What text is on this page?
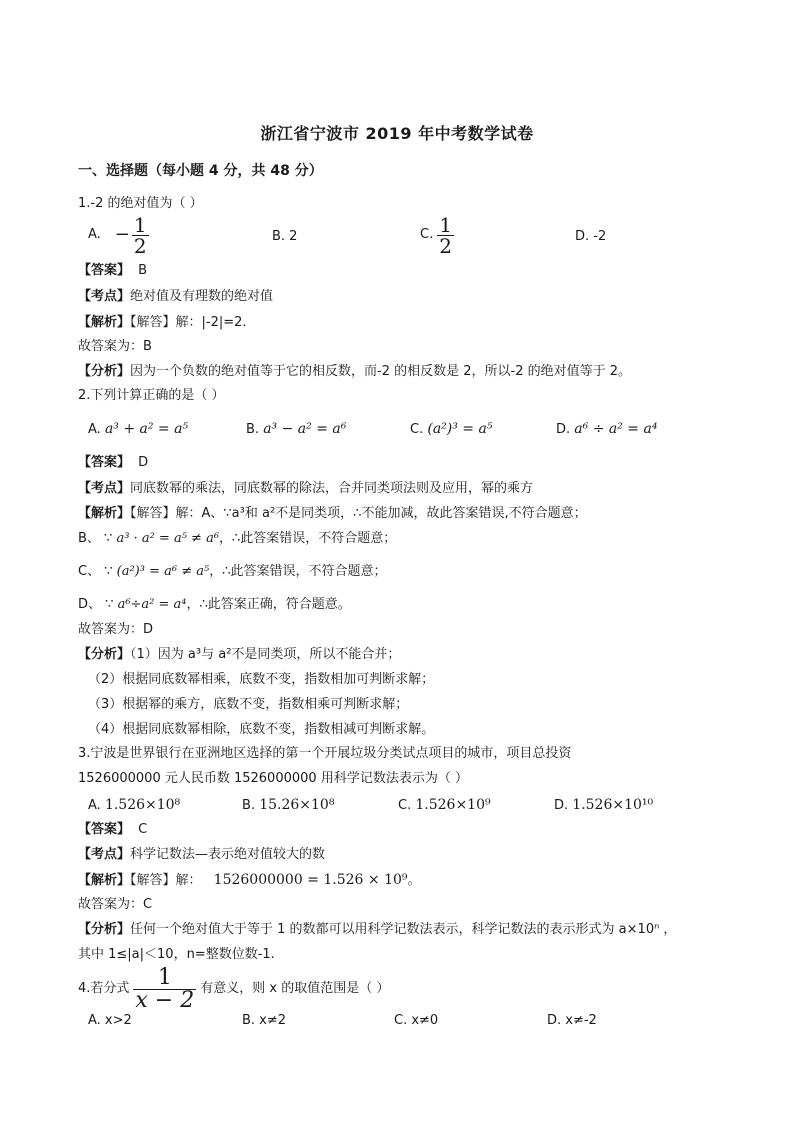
浙江省宁波市 2019 年中考数学试卷
一、选择题（每小题 4 分，共 48 分）
1.-2 的绝对值为（ ）
A. − $\frac{1}{2}$	B. 2	C. $\frac{1}{2}$	D. -2
【答案】 B
【考点】绝对值及有理数的绝对值
【解析】【解答】解：|-2|=2.
故答案为：B
【分析】因为一个负数的绝对值等于它的相反数，而-2 的相反数是 2，所以-2 的绝对值等于 2。
2.下列计算正确的是（ ）
A. a³ + a² = a⁵	B. a³ − a² = a⁶	C. (a²)³ = a⁵	D. a⁶ ÷ a² = a⁴
【答案】 D
【考点】同底数幂的乘法，同底数幂的除法，合并同类项法则及应用，幂的乘方
【解析】【解答】解：A、∵a³和 a²不是同类项，∴不能加减，故此答案错误,不符合题意；
B、 ∵ a³ · a² = a⁵ ≠ a⁶，∴此答案错误，不符合题意；
C、 ∵ (a²)³ = a⁶ ≠ a⁵，∴此答案错误，不符合题意；
D、 ∵ a⁶÷a² = a⁴，∴此答案正确，符合题意。
故答案为：D
【分析】（1）因为 a³与 a²不是同类项，所以不能合并；
（2）根据同底数幂相乘，底数不变，指数相加可判断求解；
（3）根据幂的乘方，底数不变，指数相乘可判断求解；
（4）根据同底数幂相除，底数不变，指数相减可判断求解。
3.宁波是世界银行在亚洲地区选择的第一个开展垃圾分类试点项目的城市，项目总投资
1526000000 元人民币数 1526000000 用科学记数法表示为（ ）
A. 1.526×10⁸	B. 15.26×10⁸	C. 1.526×10⁹	D. 1.526×10¹⁰
【答案】 C
【考点】科学记数法—表示绝对值较大的数
【解析】【解答】解： 1526000000 = 1.526 × 10⁹。
故答案为：C
【分析】任何一个绝对值大于等于 1 的数都可以用科学记数法表示，科学记数法的表示形式为 a×10ⁿ ，
其中 1≤|a|＜10，n=整数位数-1.
4.若分式 $\frac{1}{x - 2}$ 有意义，则 x 的取值范围是（ ）
A. x>2	B. x≠2	C. x≠0	D. x≠-2
